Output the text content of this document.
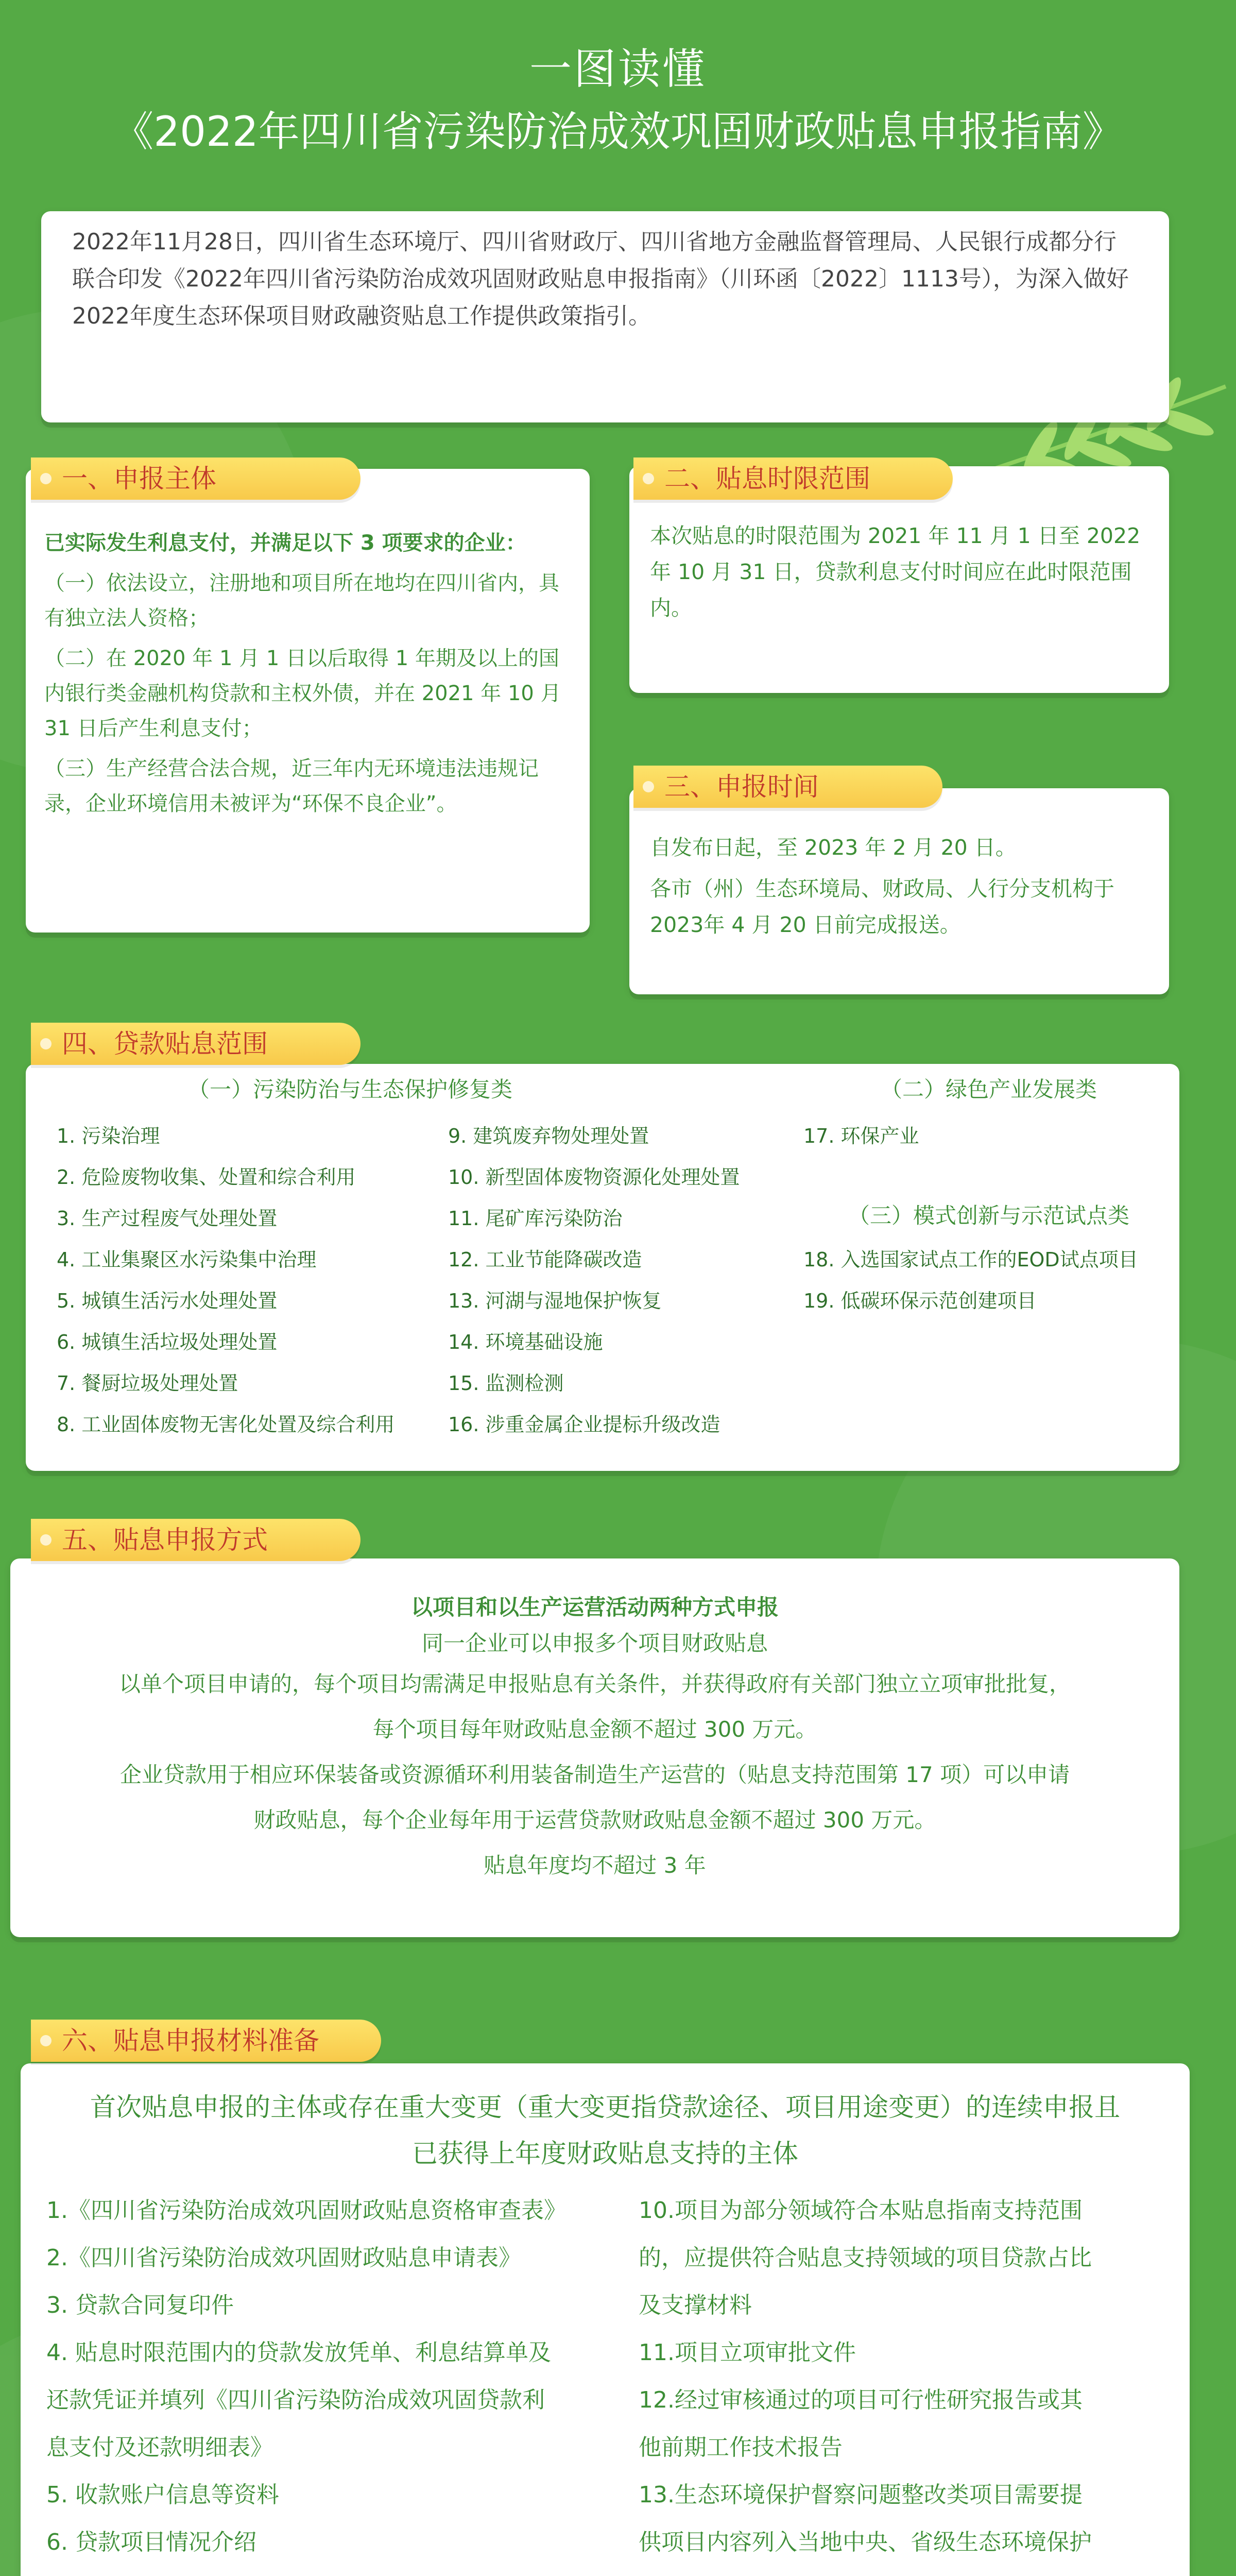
一图读懂
《2022年四川省污染防治成效巩固财政贴息申报指南》
2022年11月28日，四川省生态环境厅、四川省财政厅、四川省地方金融监督管理局、人民银行成都分行联合印发《2022年四川省污染防治成效巩固财政贴息申报指南》（川环函〔2022〕1113号），为深入做好2022年度生态环保项目财政融资贴息工作提供政策指引。
已实际发生利息支付，并满足以下 3 项要求的企业：
（一）依法设立，注册地和项目所在地均在四川省内，具有独立法人资格；
（二）在 2020 年 1 月 1 日以后取得 1 年期及以上的国内银行类金融机构贷款和主权外债，并在 2021 年 10 月 31 日后产生利息支付；
（三）生产经营合法合规，近三年内无环境违法违规记录，企业环境信用未被评为“环保不良企业”。
一、申报主体
本次贴息的时限范围为 2021 年 11 月 1 日至 2022 年 10 月 31 日，贷款利息支付时间应在此时限范围内。
二、贴息时限范围
自发布日起，至 2023 年 2 月 20 日。
各市（州）生态环境局、财政局、人行分支机构于 2023年 4 月 20 日前完成报送。
三、申报时间
（一）污染防治与生态保护修复类
1. 污染治理
2. 危险废物收集、处置和综合利用
3. 生产过程废气处理处置
4. 工业集聚区水污染集中治理
5. 城镇生活污水处理处置
6. 城镇生活垃圾处理处置
7. 餐厨垃圾处理处置
8. 工业固体废物无害化处置及综合利用
9. 建筑废弃物处理处置
10. 新型固体废物资源化处理处置
11. 尾矿库污染防治
12. 工业节能降碳改造
13. 河湖与湿地保护恢复
14. 环境基础设施
15. 监测检测
16. 涉重金属企业提标升级改造
（二）绿色产业发展类
17. 环保产业
（三）模式创新与示范试点类
18. 入选国家试点工作的EOD试点项目
19. 低碳环保示范创建项目
四、贷款贴息范围
以项目和以生产运营活动两种方式申报
同一企业可以申报多个项目财政贴息
以单个项目申请的，每个项目均需满足申报贴息有关条件，并获得政府有关部门独立立项审批批复，
每个项目每年财政贴息金额不超过 300 万元。
企业贷款用于相应环保装备或资源循环利用装备制造生产运营的（贴息支持范围第 17 项）可以申请
财政贴息，每个企业每年用于运营贷款财政贴息金额不超过 300 万元。
贴息年度均不超过 3 年
五、贴息申报方式
首次贴息申报的主体或存在重大变更（重大变更指贷款途径、项目用途变更）的连续申报且
已获得上年度财政贴息支持的主体
1.《四川省污染防治成效巩固财政贴息资格审查表》
2.《四川省污染防治成效巩固财政贴息申请表》
3. 贷款合同复印件
4. 贴息时限范围内的贷款发放凭单、利息结算单及
还款凭证并填列《四川省污染防治成效巩固贷款利
息支付及还款明细表》
5. 收款账户信息等资料
6. 贷款项目情况介绍
10.项目为部分领域符合本贴息指南支持范围
的，应提供符合贴息支持领域的项目贷款占比
及支撑材料
11.项目立项审批文件
12.经过审核通过的项目可行性研究报告或其
他前期工作技术报告
13.生态环境保护督察问题整改类项目需要提
供项目内容列入当地中央、省级生态环境保护
六、贴息申报材料准备
